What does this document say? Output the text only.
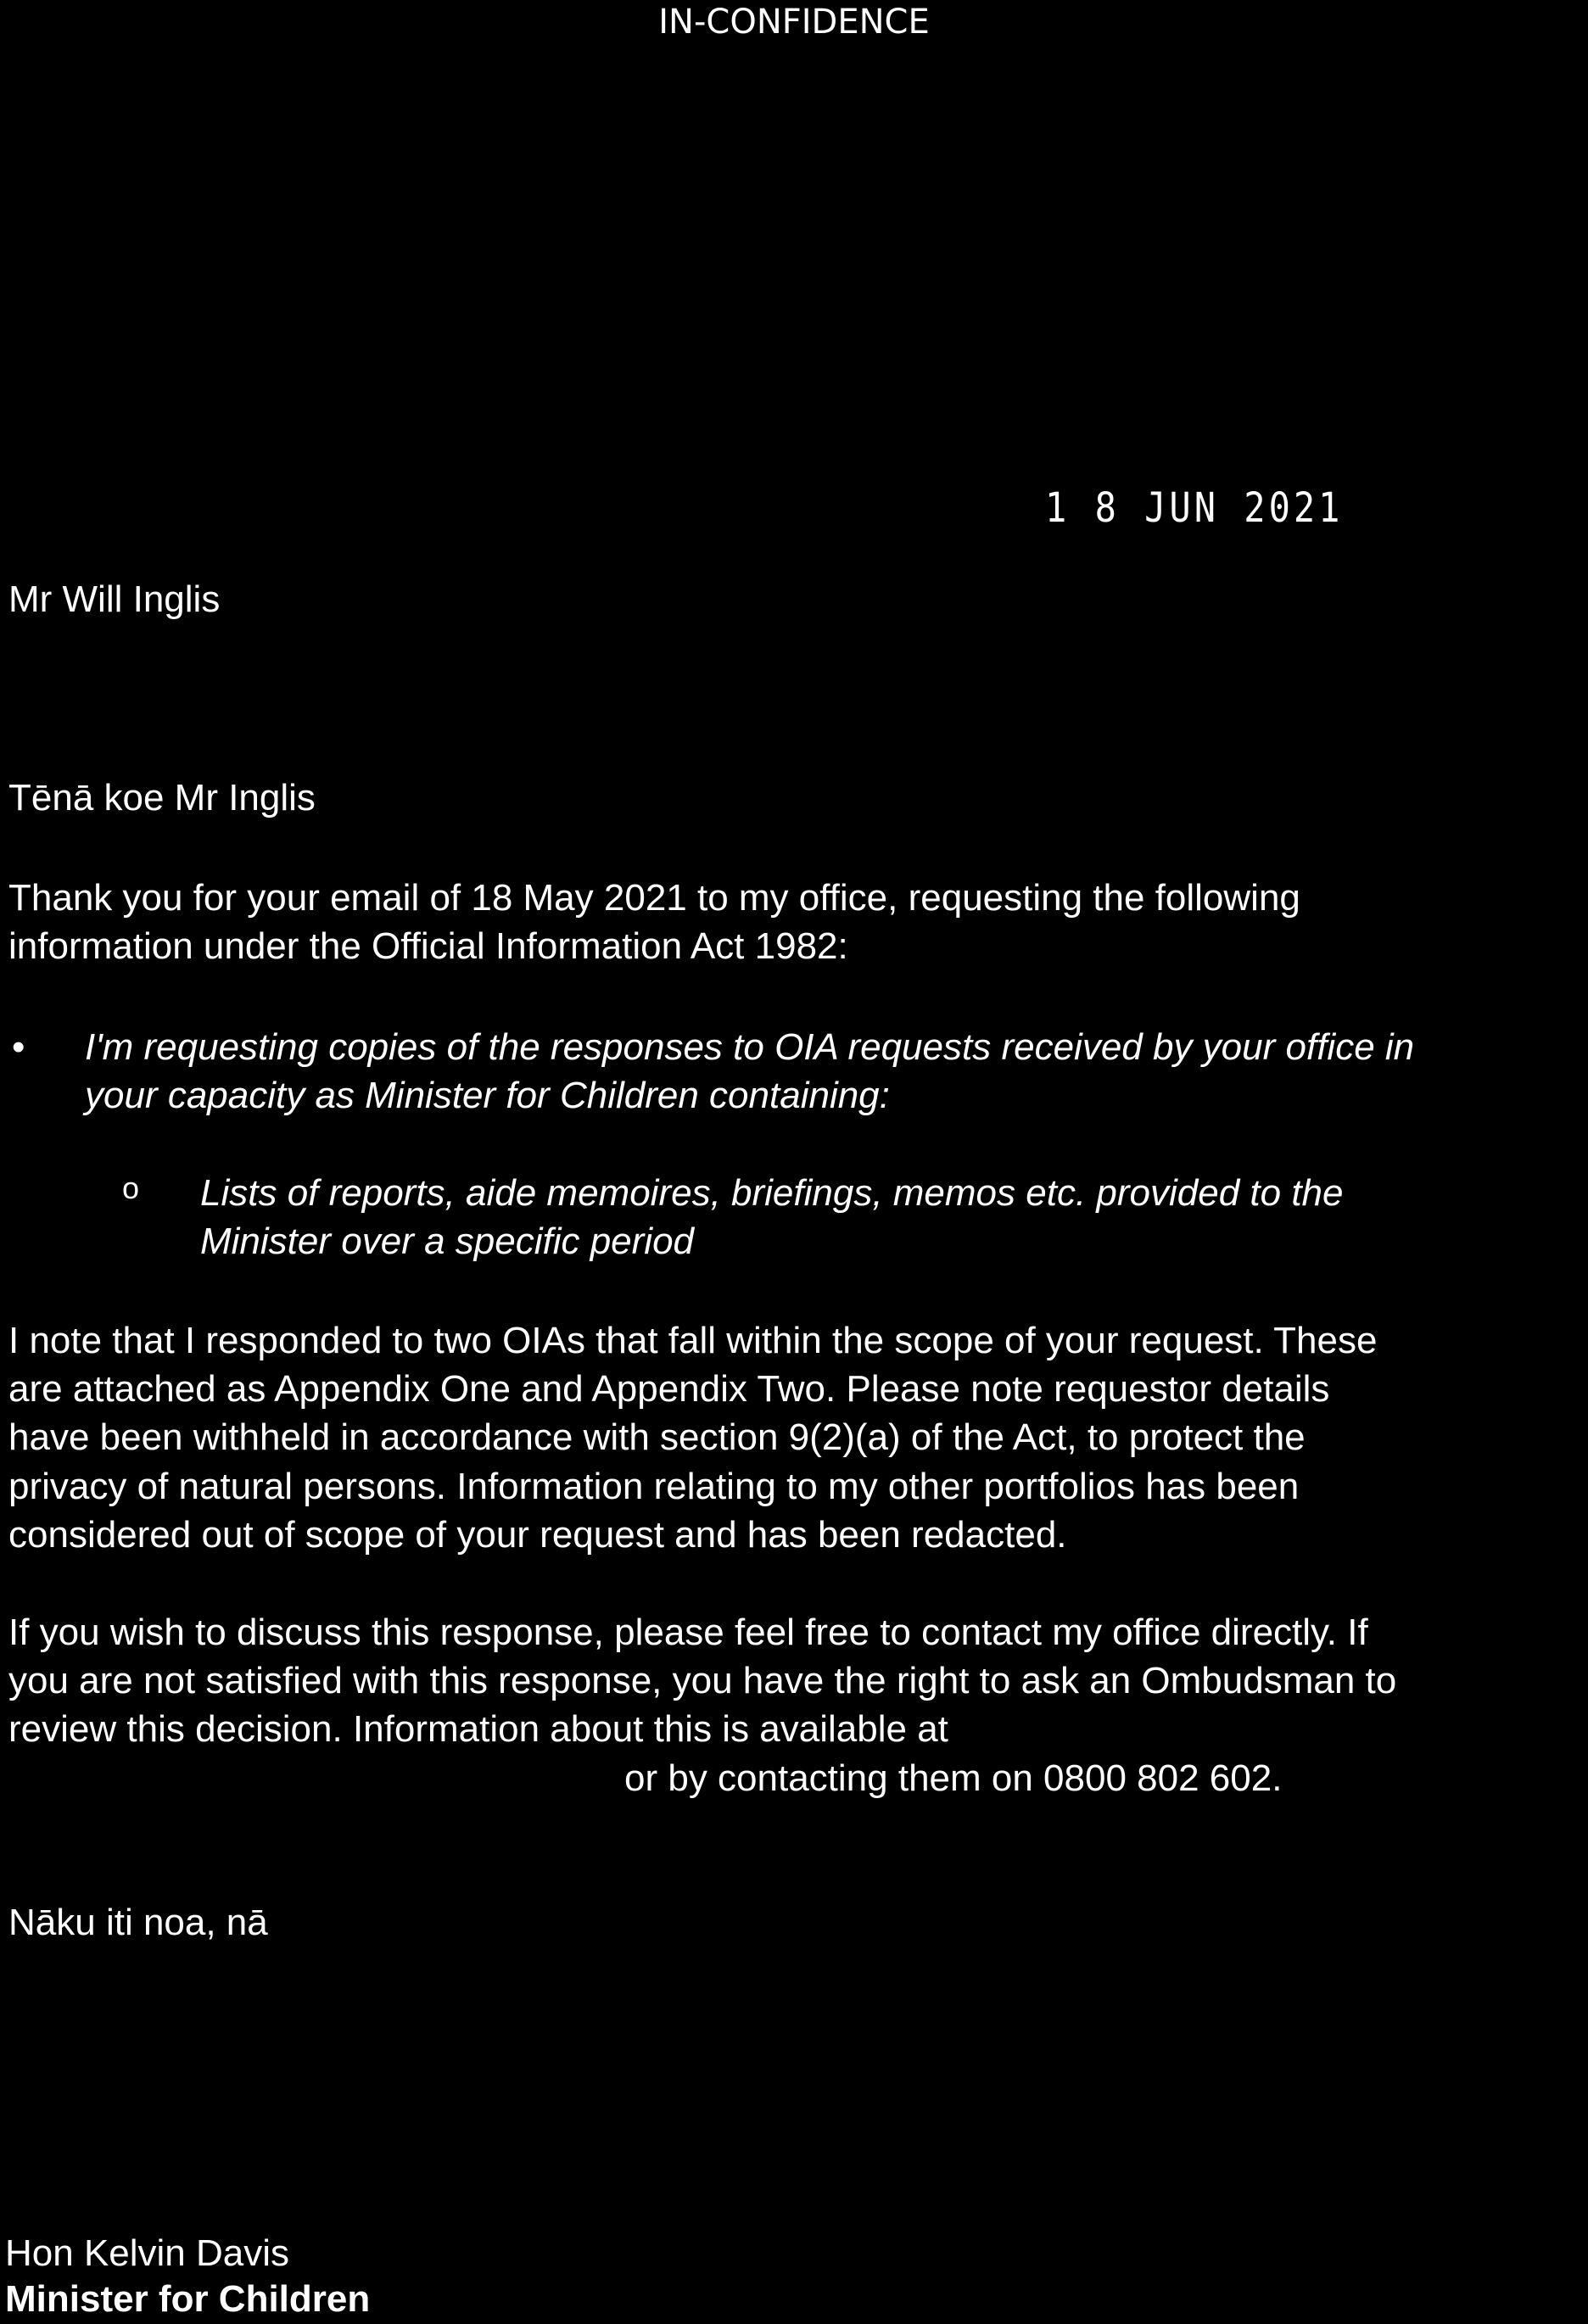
IN-CONFIDENCE
1 8 JUN 2021
Mr Will Inglis
Tēnā koe Mr Inglis
Thank you for your email of 18 May 2021 to my office, requesting the following
information under the Official Information Act 1982:
•	I'm requesting copies of the responses to OIA requests received by your office in
your capacity as Minister for Children containing:
o	Lists of reports, aide memoires, briefings, memos etc. provided to the
Minister over a specific period
I note that I responded to two OIAs that fall within the scope of your request. These
are attached as Appendix One and Appendix Two. Please note requestor details
have been withheld in accordance with section 9(2)(a) of the Act, to protect the
privacy of natural persons. Information relating to my other portfolios has been
considered out of scope of your request and has been redacted.
If you wish to discuss this response, please feel free to contact my office directly. If
you are not satisfied with this response, you have the right to ask an Ombudsman to
review this decision. Information about this is available at
or by contacting them on 0800 802 602.
Nāku iti noa, nā
Hon Kelvin Davis
Minister for Children
